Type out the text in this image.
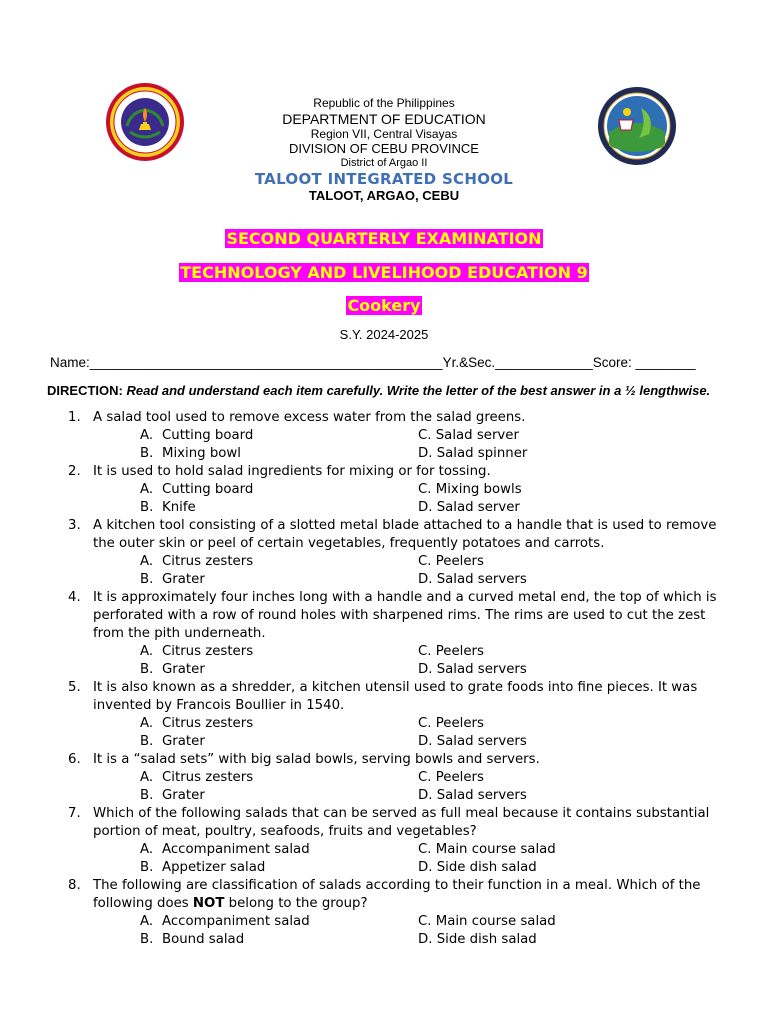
Republic of the Philippines
DEPARTMENT OF EDUCATION
Region VII, Central Visayas
DIVISION OF CEBU PROVINCE
District of Argao II
TALOOT INTEGRATED SCHOOL
TALOOT, ARGAO, CEBU
SECOND QUARTERLY EXAMINATION
TECHNOLOGY AND LIVELIHOOD EDUCATION 9
Cookery
S.Y. 2024-2025
Name:_______________________________________________Yr.&Sec._____________Score: ________
DIRECTION: Read and understand each item carefully. Write the letter of the best answer in a ½ lengthwise.
1. A salad tool used to remove excess water from the salad greens.
A. Cutting board
B. Mixing bowl
C. Salad server
D. Salad spinner
2. It is used to hold salad ingredients for mixing or for tossing.
A. Cutting board
B. Knife
C. Mixing bowls
D. Salad server
3. A kitchen tool consisting of a slotted metal blade attached to a handle that is used to remove the outer skin or peel of certain vegetables, frequently potatoes and carrots.
A. Citrus zesters
B. Grater
C. Peelers
D. Salad servers
4. It is approximately four inches long with a handle and a curved metal end, the top of which is perforated with a row of round holes with sharpened rims. The rims are used to cut the zest from the pith underneath.
A. Citrus zesters
B. Grater
C. Peelers
D. Salad servers
5. It is also known as a shredder, a kitchen utensil used to grate foods into fine pieces. It was invented by Francois Boullier in 1540.
A. Citrus zesters
B. Grater
C. Peelers
D. Salad servers
6. It is a “salad sets” with big salad bowls, serving bowls and servers.
A. Citrus zesters
B. Grater
C. Peelers
D. Salad servers
7. Which of the following salads that can be served as full meal because it contains substantial portion of meat, poultry, seafoods, fruits and vegetables?
A. Accompaniment salad
B. Appetizer salad
C. Main course salad
D. Side dish salad
8. The following are classification of salads according to their function in a meal. Which of the following does NOT belong to the group?
A. Accompaniment salad
B. Bound salad
C. Main course salad
D. Side dish salad
